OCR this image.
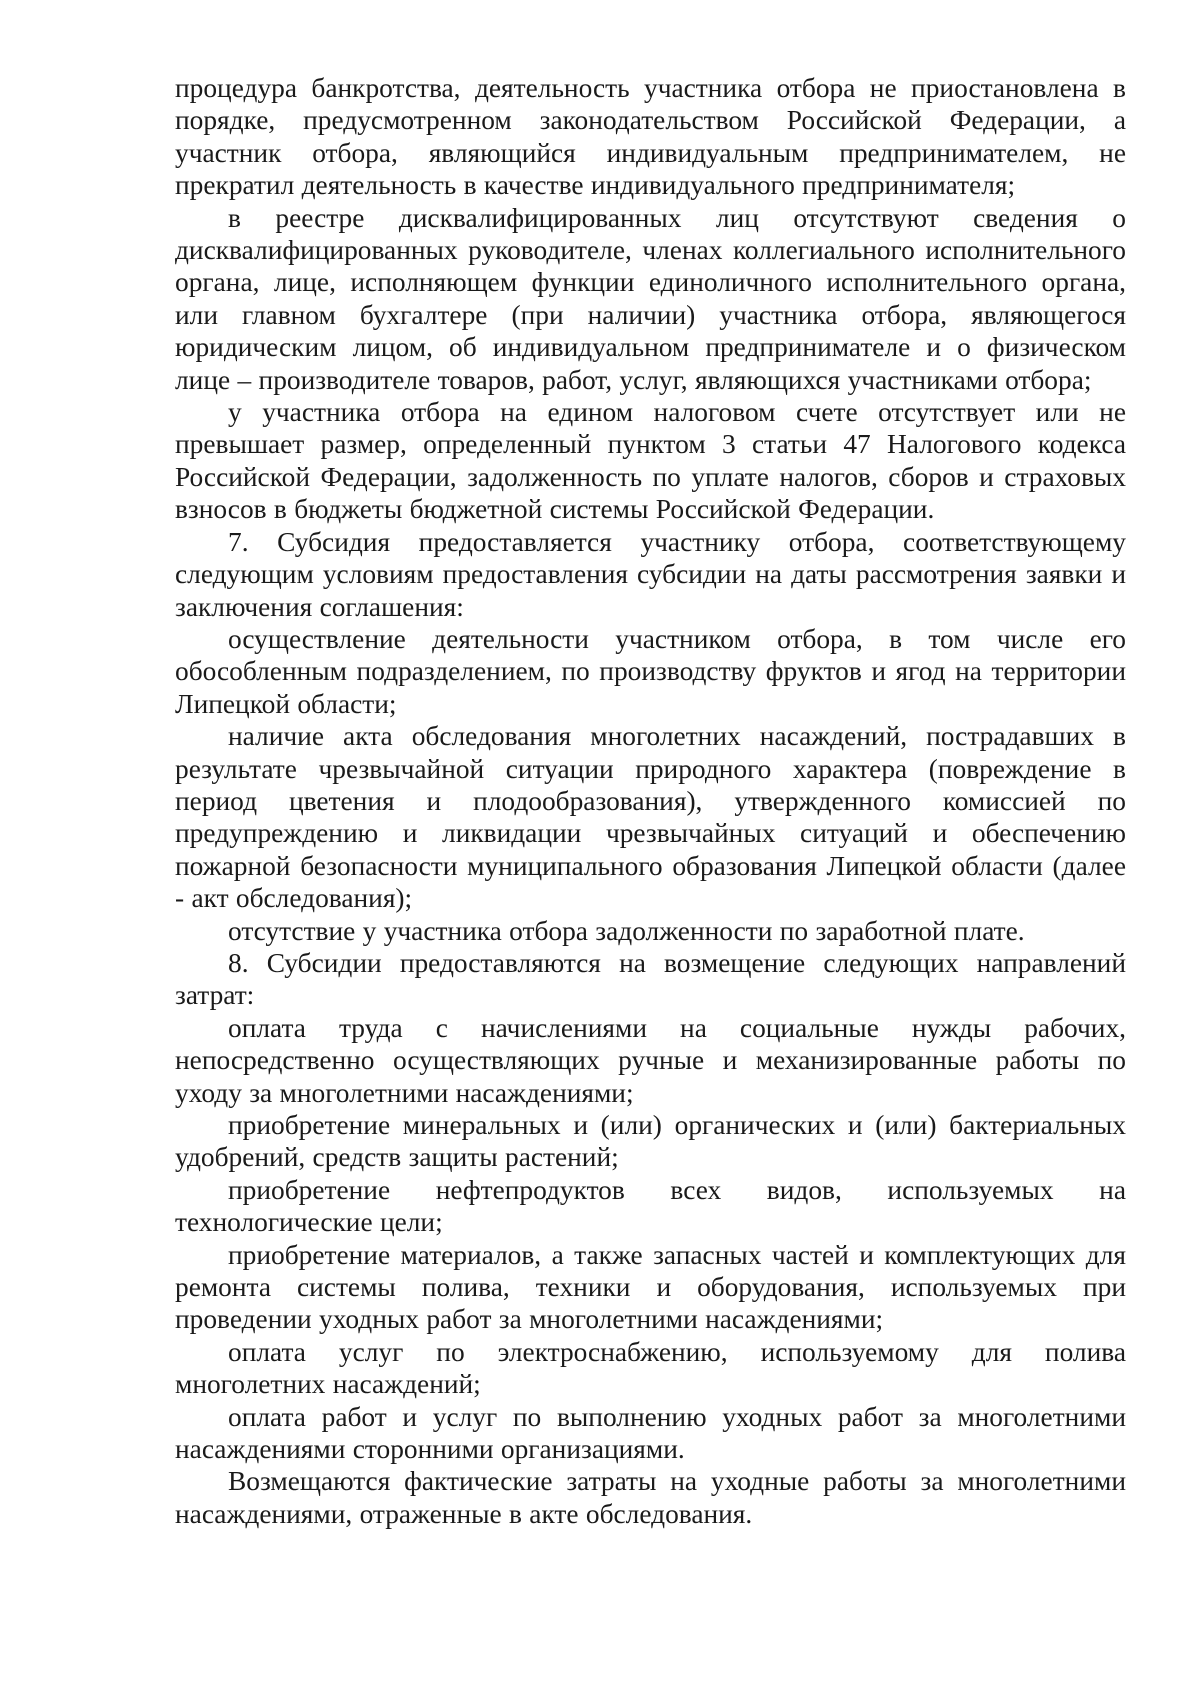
процедура банкротства, деятельность участника отбора не приостановлена в порядке, предусмотренном законодательством Российской Федерации, а участник отбора, являющийся индивидуальным предпринимателем, не прекратил деятельность в качестве индивидуального предпринимателя;

в реестре дисквалифицированных лиц отсутствуют сведения о дисквалифицированных руководителе, членах коллегиального исполнительного органа, лице, исполняющем функции единоличного исполнительного органа, или главном бухгалтере (при наличии) участника отбора, являющегося юридическим лицом, об индивидуальном предпринимателе и о физическом лице – производителе товаров, работ, услуг, являющихся участниками отбора;

у участника отбора на едином налоговом счете отсутствует или не превышает размер, определенный пунктом 3 статьи 47 Налогового кодекса Российской Федерации, задолженность по уплате налогов, сборов и страховых взносов в бюджеты бюджетной системы Российской Федерации.

7. Субсидия предоставляется участнику отбора, соответствующему следующим условиям предоставления субсидии на даты рассмотрения заявки и заключения соглашения:

осуществление деятельности участником отбора, в том числе его обособленным подразделением, по производству фруктов и ягод на территории Липецкой области;

наличие акта обследования многолетних насаждений, пострадавших в результате чрезвычайной ситуации природного характера (повреждение в период цветения и плодообразования), утвержденного комиссией по предупреждению и ликвидации чрезвычайных ситуаций и обеспечению пожарной безопасности муниципального образования Липецкой области (далее - акт обследования);

отсутствие у участника отбора задолженности по заработной плате.

8. Субсидии предоставляются на возмещение следующих направлений затрат:

оплата труда с начислениями на социальные нужды рабочих, непосредственно осуществляющих ручные и механизированные работы по уходу за многолетними насаждениями;

приобретение минеральных и (или) органических и (или) бактериальных удобрений, средств защиты растений;

приобретение нефтепродуктов всех видов, используемых на технологические цели;

приобретение материалов, а также запасных частей и комплектующих для ремонта системы полива, техники и оборудования, используемых при проведении уходных работ за многолетними насаждениями;

оплата услуг по электроснабжению, используемому для полива многолетних насаждений;

оплата работ и услуг по выполнению уходных работ за многолетними насаждениями сторонними организациями.

Возмещаются фактические затраты на уходные работы за многолетними насаждениями, отраженные в акте обследования.
